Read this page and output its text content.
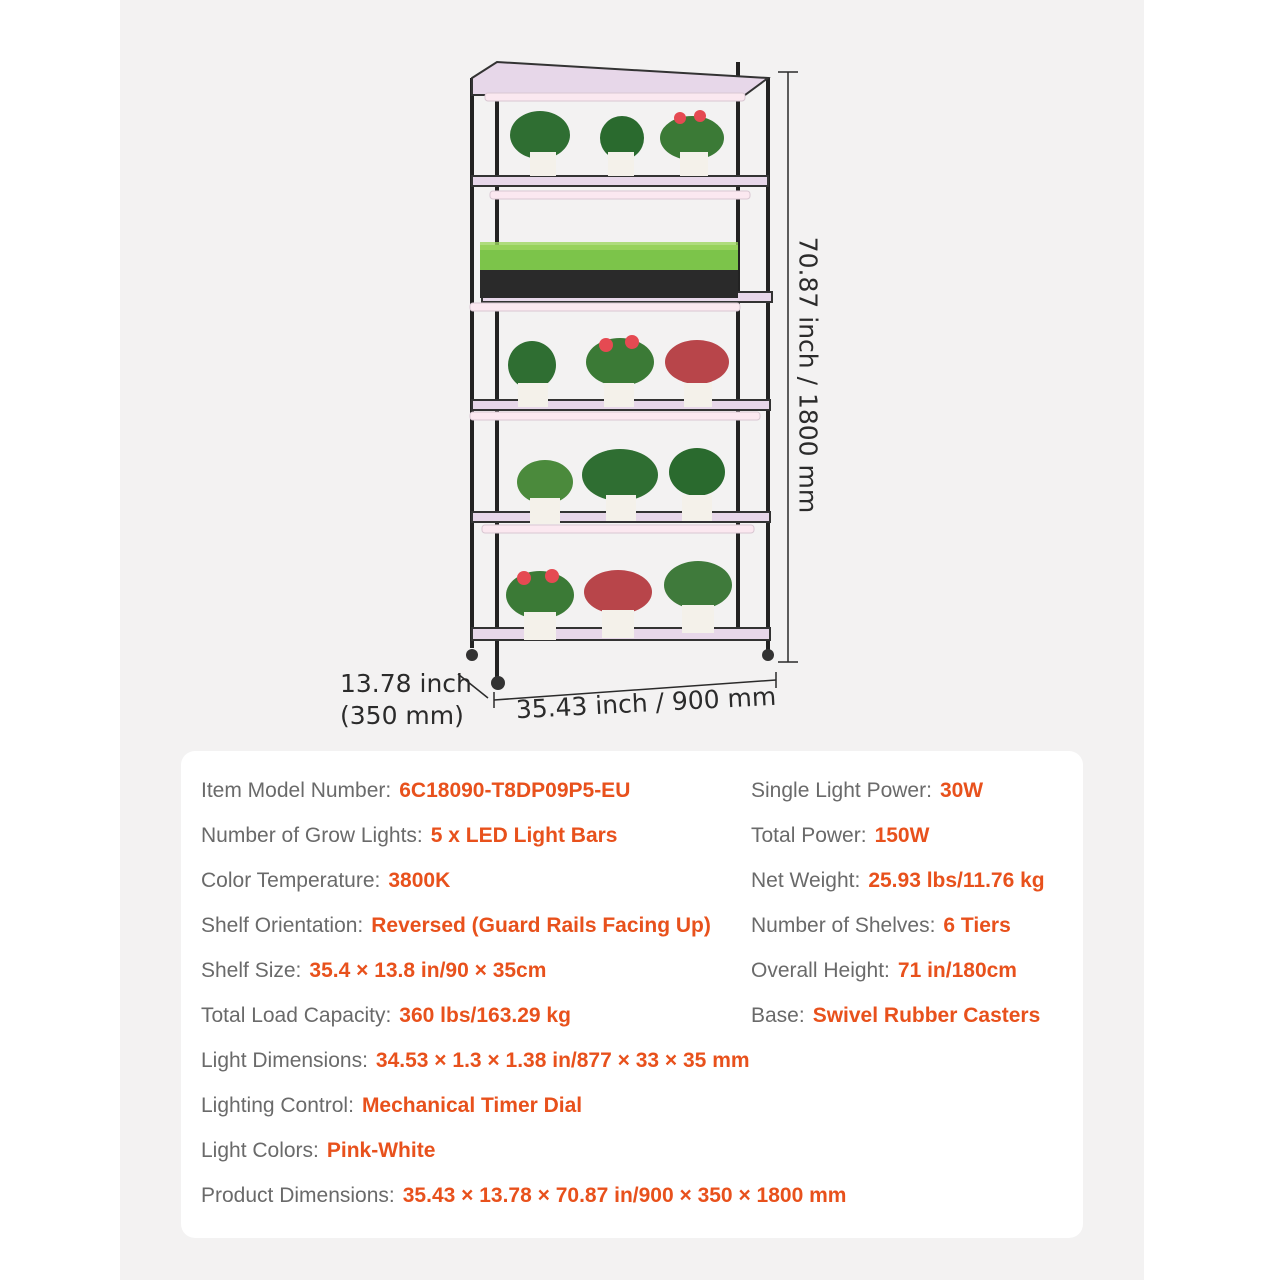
70.87 inch / 1800 mm
35.43 inch / 900 mm
13.78 inch
(350 mm)
Item Model Number: 6C18090-T8DP09P5-EU
Number of Grow Lights: 5 x LED Light Bars
Color Temperature: 3800K
Shelf Orientation: Reversed (Guard Rails Facing Up)
Shelf Size: 35.4 × 13.8 in/90 × 35cm
Total Load Capacity: 360 lbs/163.29 kg
Single Light Power: 30W
Total Power: 150W
Net Weight: 25.93 lbs/11.76 kg
Number of Shelves: 6 Tiers
Overall Height: 71 in/180cm
Base: Swivel Rubber Casters
Light Dimensions: 34.53 × 1.3 × 1.38 in/877 × 33 × 35 mm
Lighting Control: Mechanical Timer Dial
Light Colors: Pink-White
Product Dimensions: 35.43 × 13.78 × 70.87 in/900 × 350 × 1800 mm
